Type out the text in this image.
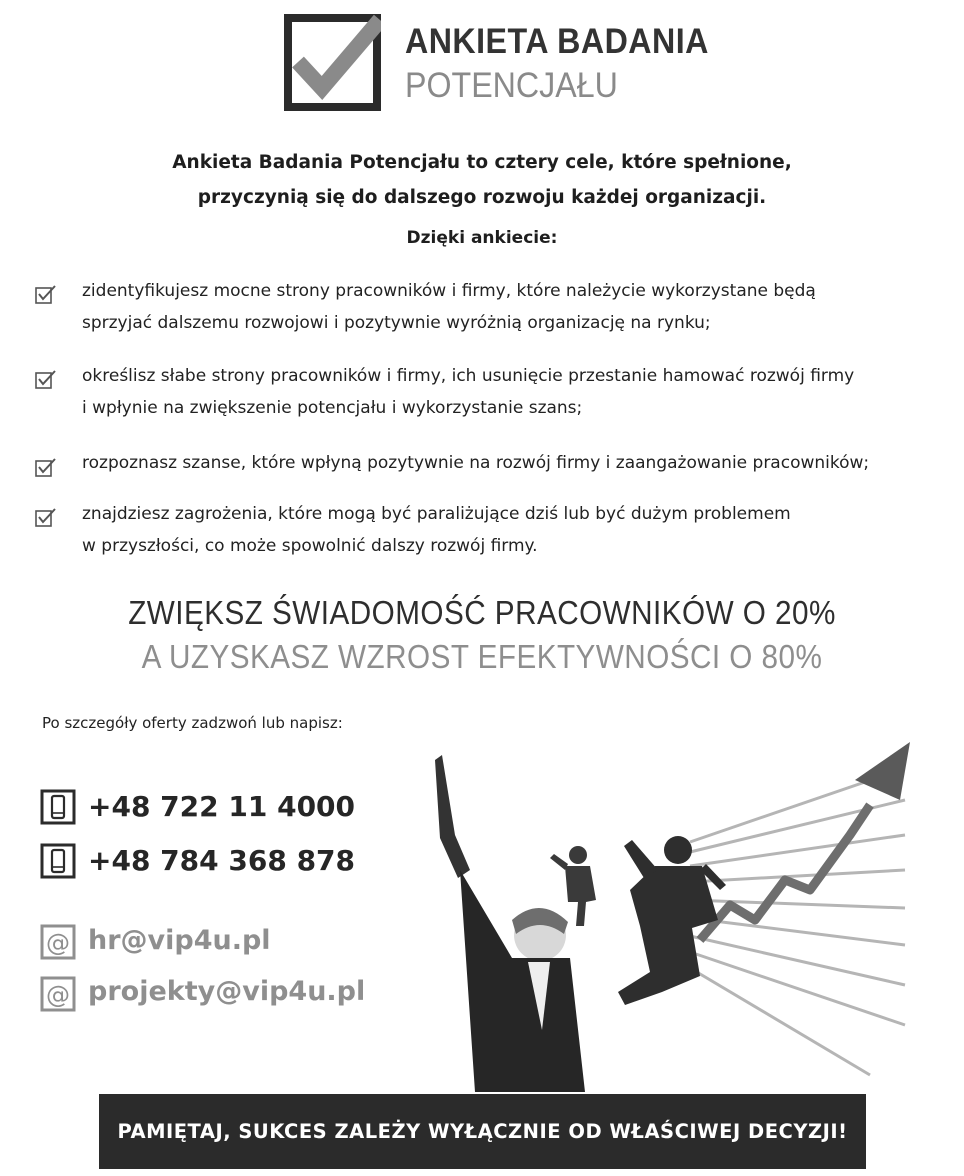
ANKIETA BADANIA
POTENCJAŁU
Ankieta Badania Potencjału to cztery cele, które spełnione,
przyczynią się do dalszego rozwoju każdej organizacji.
Dzięki ankiecie:
zidentyfikujesz mocne strony pracowników i firmy, które należycie wykorzystane będą
sprzyjać dalszemu rozwojowi i pozytywnie wyróżnią organizację na rynku;
określisz słabe strony pracowników i firmy, ich usunięcie przestanie hamować rozwój firmy
i wpłynie na zwiększenie potencjału i wykorzystanie szans;
rozpoznasz szanse, które wpłyną pozytywnie na rozwój firmy i zaangażowanie pracowników;
znajdziesz zagrożenia, które mogą być paraliżujące dziś lub być dużym problemem
w przyszłości, co może spowolnić dalszy rozwój firmy.
ZWIĘKSZ ŚWIADOMOŚĆ PRACOWNIKÓW O 20%
A UZYSKASZ WZROST EFEKTYWNOŚCI O 80%
Po szczegóły oferty zadzwoń lub napisz:
+48 722 11 4000
+48 784 368 878
@ hr@vip4u.pl
@ projekty@vip4u.pl
PAMIĘTAJ, SUKCES ZALEŻY WYŁĄCZNIE OD WŁAŚCIWEJ DECYZJI!
